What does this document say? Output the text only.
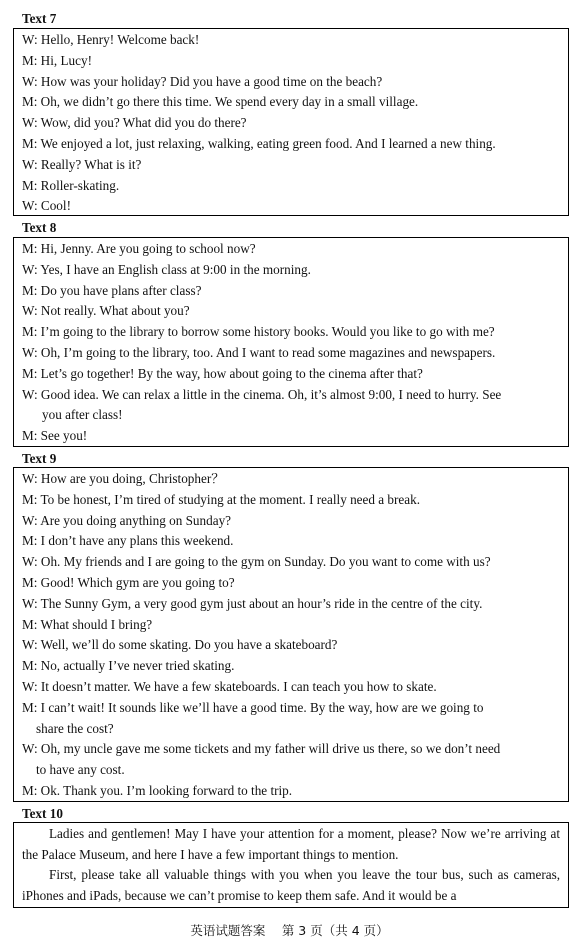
Text 7
W: Hello, Henry! Welcome back!
M: Hi, Lucy!
W: How was your holiday? Did you have a good time on the beach?
M: Oh, we didn’t go there this time. We spend every day in a small village.
W: Wow, did you? What did you do there?
M: We enjoyed a lot, just relaxing, walking, eating green food. And I learned a new thing.
W: Really? What is it?
M: Roller-skating.
W: Cool!
Text 8
M: Hi, Jenny. Are you going to school now?
W: Yes, I have an English class at 9:00 in the morning.
M: Do you have plans after class?
W: Not really. What about you?
M: I’m going to the library to borrow some history books. Would you like to go with me?
W: Oh, I’m going to the library, too. And I want to read some magazines and newspapers.
M: Let’s go together! By the way, how about going to the cinema after that?
W: Good idea. We can relax a little in the cinema. Oh, it’s almost 9:00, I need to hurry. See
you after class!
M: See you!
Text 9
W: How are you doing, Christopher？
M: To be honest, I’m tired of studying at the moment. I really need a break.
W: Are you doing anything on Sunday?
M: I don’t have any plans this weekend.
W: Oh. My friends and I are going to the gym on Sunday. Do you want to come with us?
M: Good! Which gym are you going to?
W: The Sunny Gym, a very good gym just about an hour’s ride in the centre of the city.
M: What should I bring?
W: Well, we’ll do some skating. Do you have a skateboard?
M: No, actually I’ve never tried skating.
W: It doesn’t matter. We have a few skateboards. I can teach you how to skate.
M: I can’t wait! It sounds like we’ll have a good time. By the way, how are we going to
share the cost?
W: Oh, my uncle gave me some tickets and my father will drive us there, so we don’t need
to have any cost.
M: Ok. Thank you. I’m looking forward to the trip.
Text 10
Ladies and gentlemen! May I have your attention for a moment, please? Now we’re arriving at the Palace Museum, and here I have a few important things to mention.
First, please take all valuable things with you when you leave the tour bus, such as cameras, iPhones and iPads, because we can’t promise to keep them safe. And it would be a
英语试题答案　 第 3 页（共 4 页）
